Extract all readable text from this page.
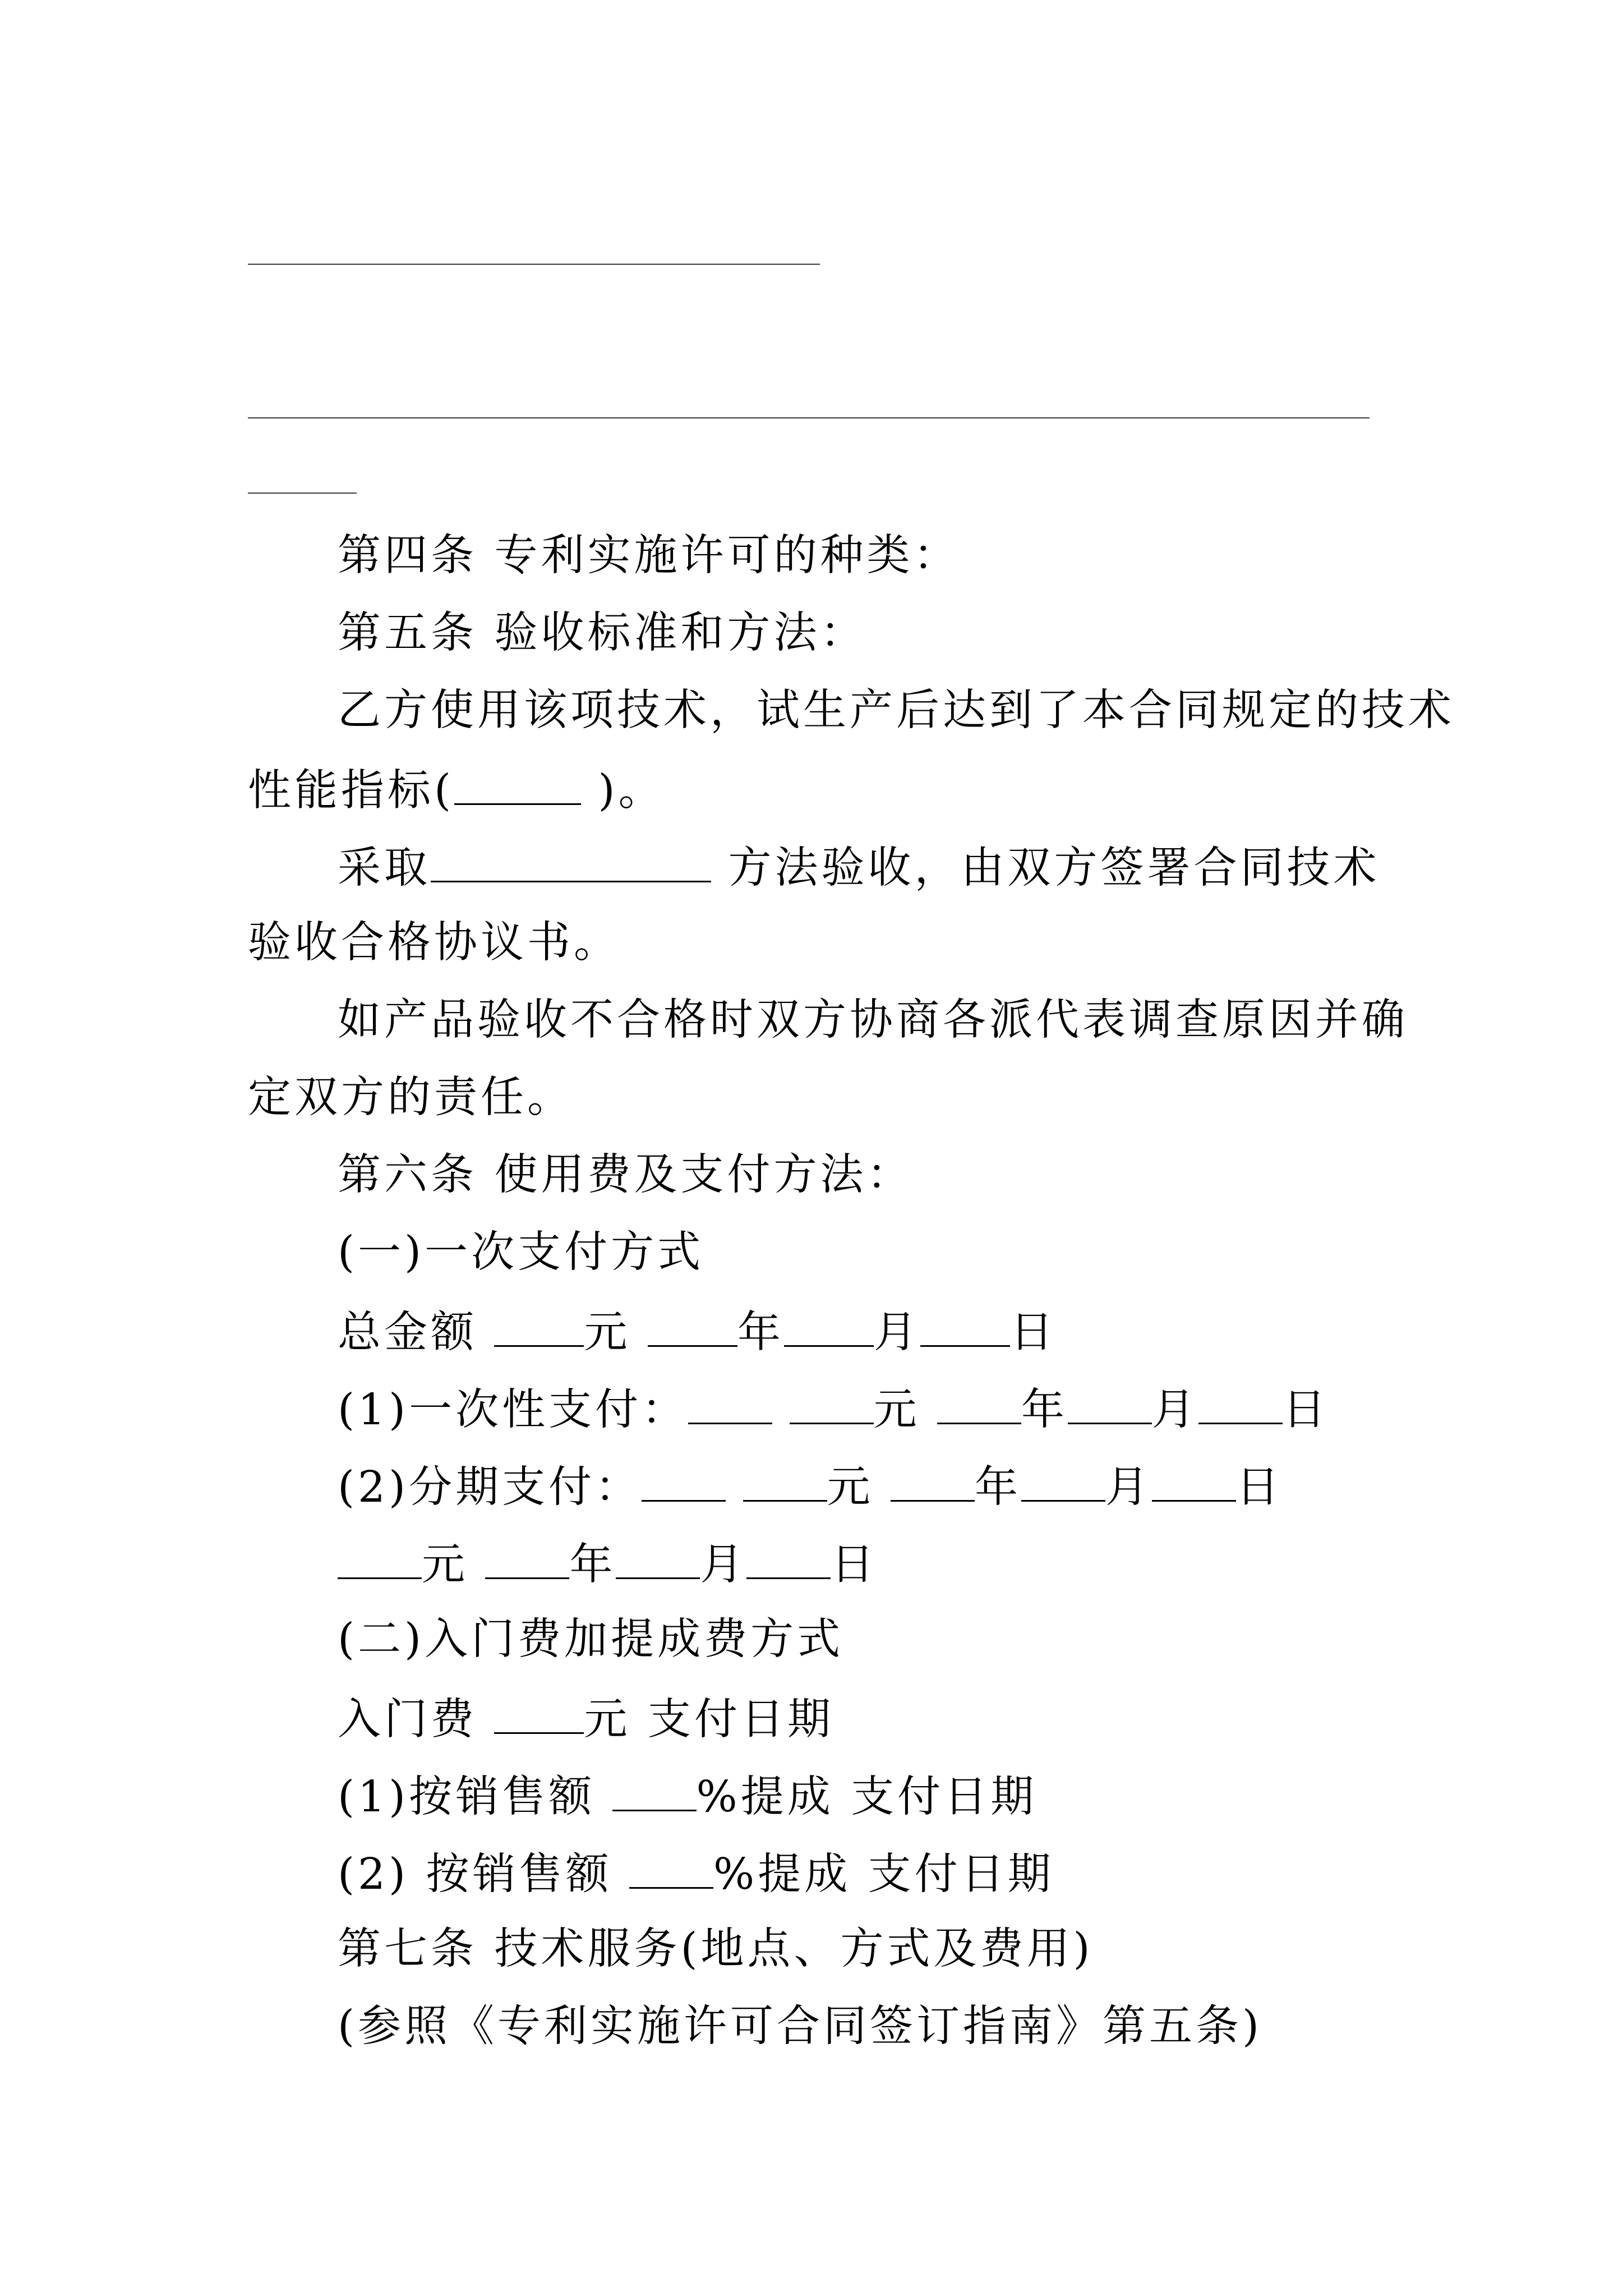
第四条 专利实施许可的种类：
第五条 验收标准和方法：
乙方使用该项技术，试生产后达到了本合同规定的技术
性能指标(	)。
采取	方法验收，由双方签署合同技术
验收合格协议书。
如产品验收不合格时双方协商各派代表调查原因并确
定双方的责任。
第六条 使用费及支付方法：
(一)一次支付方式
总金额 元 年 月 日
(1)一次性支付：	元 年 月 日
(2)分期支付：	元 年 月 日
元 年 月 日
(二)入门费加提成费方式
入门费 元 支付日期
(1)按销售额 %提成 支付日期
(2) 按销售额 %提成 支付日期
第七条 技术服务(地点、方式及费用)
(参照《专利实施许可合同签订指南》第五条)
